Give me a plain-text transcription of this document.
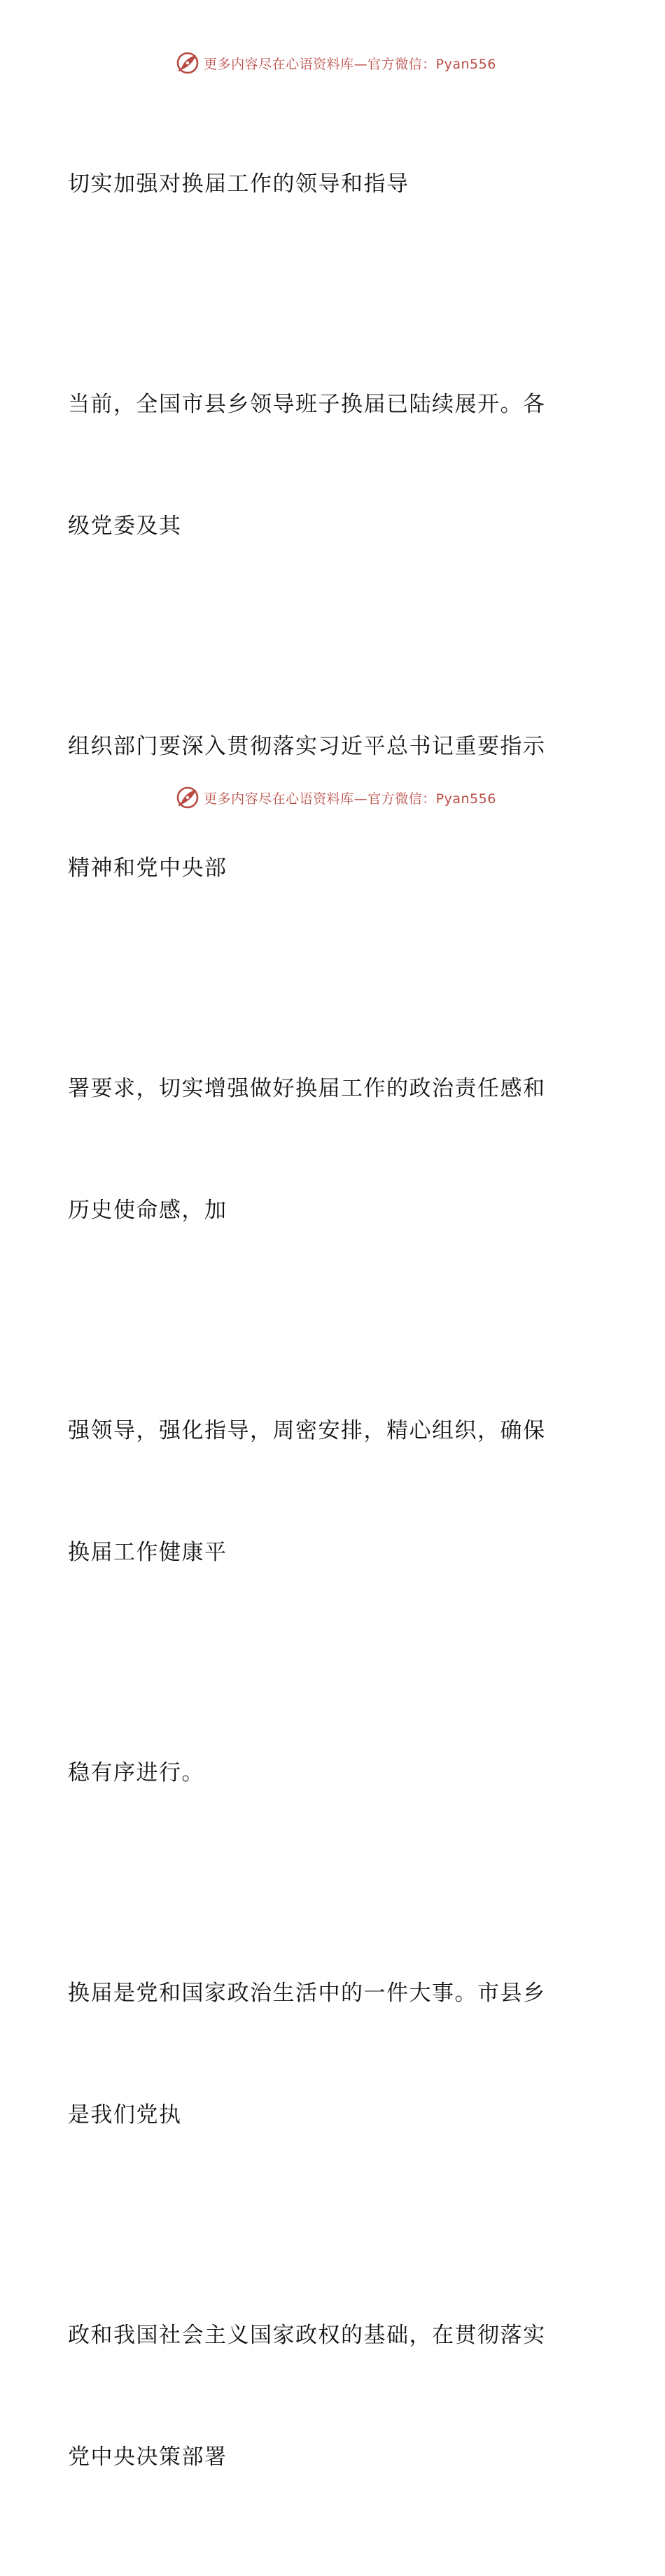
更多内容尽在心语资料库—官方微信：Pyan556

切实加强对换届工作的领导和指导

当前，全国市县乡领导班子换届已陆续展开。各

级党委及其

组织部门要深入贯彻落实习近平总书记重要指示

精神和党中央部

署要求，切实增强做好换届工作的政治责任感和

历史使命感，加

强领导，强化指导，周密安排，精心组织，确保

换届工作健康平

稳有序进行。

换届是党和国家政治生活中的一件大事。市县乡

是我们党执

政和我国社会主义国家政权的基础，在贯彻落实

党中央决策部署

更多内容尽在心语资料库—官方微信：Pyan556
